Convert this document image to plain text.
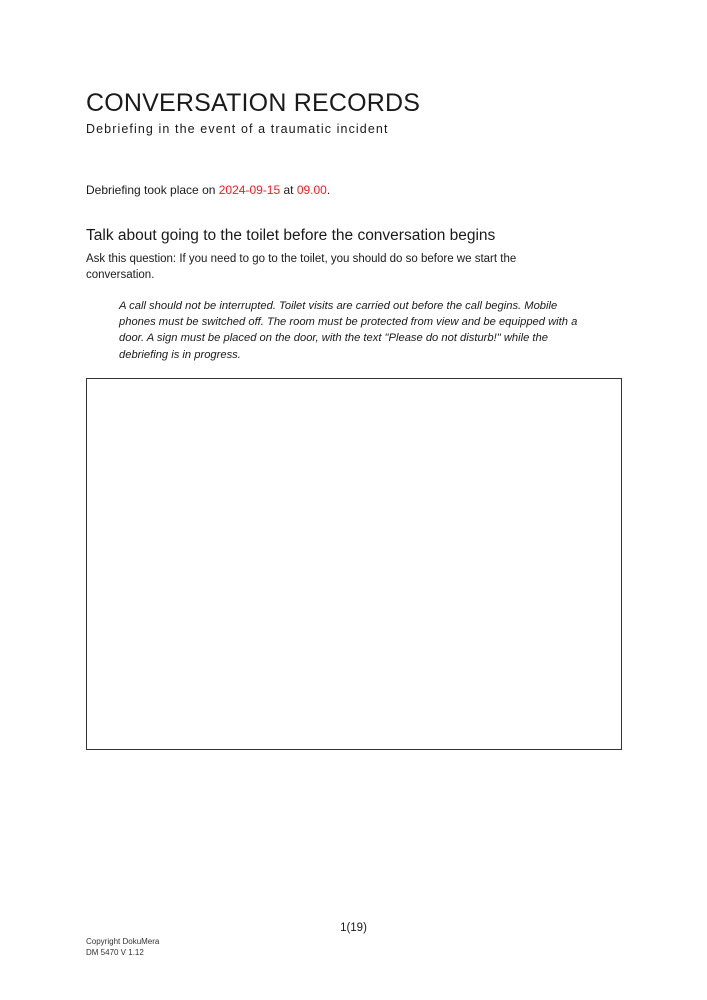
CONVERSATION RECORDS

Debriefing in the event of a traumatic incident

Debriefing took place on 2024-09-15 at 09.00.
Talk about going to the toilet before the conversation begins

Ask this question: If you need to go to the toilet, you should do so before we start the conversation.

A call should not be interrupted. Toilet visits are carried out before the call begins. Mobile phones must be switched off. The room must be protected from view and be equipped with a door. A sign must be placed on the door, with the text "Please do not disturb!" while the debriefing is in progress.

1(19)
Copyright DokuMera
DM 5470 V 1.12
